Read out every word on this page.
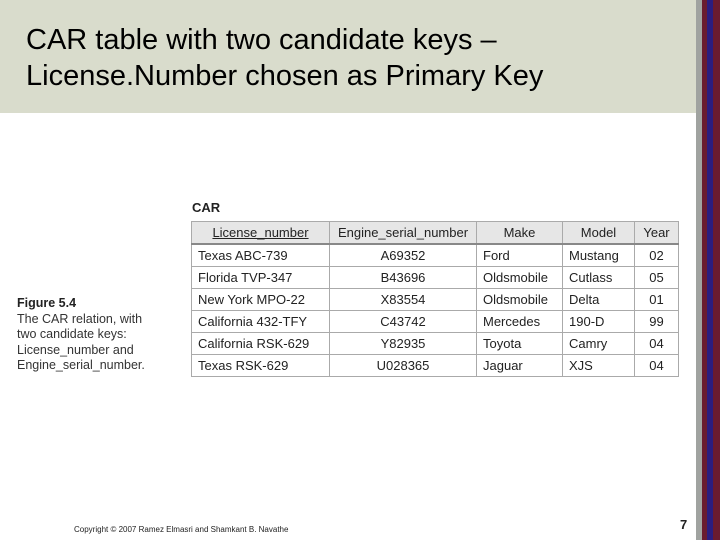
CAR table with two candidate keys –
License.Number chosen as Primary Key
Figure 5.4
The CAR relation, with
two candidate keys:
License_number and
Engine_serial_number.
CAR
License_number	Engine_serial_number	Make	Model	Year
Texas ABC-739	A69352	Ford	Mustang	02
Florida TVP-347	B43696	Oldsmobile	Cutlass	05
New York MPO-22	X83554	Oldsmobile	Delta	01
California 432-TFY	C43742	Mercedes	190-D	99
California RSK-629	Y82935	Toyota	Camry	04
Texas RSK-629	U028365	Jaguar	XJS	04
Copyright © 2007 Ramez Elmasri and Shamkant B. Navathe	7
